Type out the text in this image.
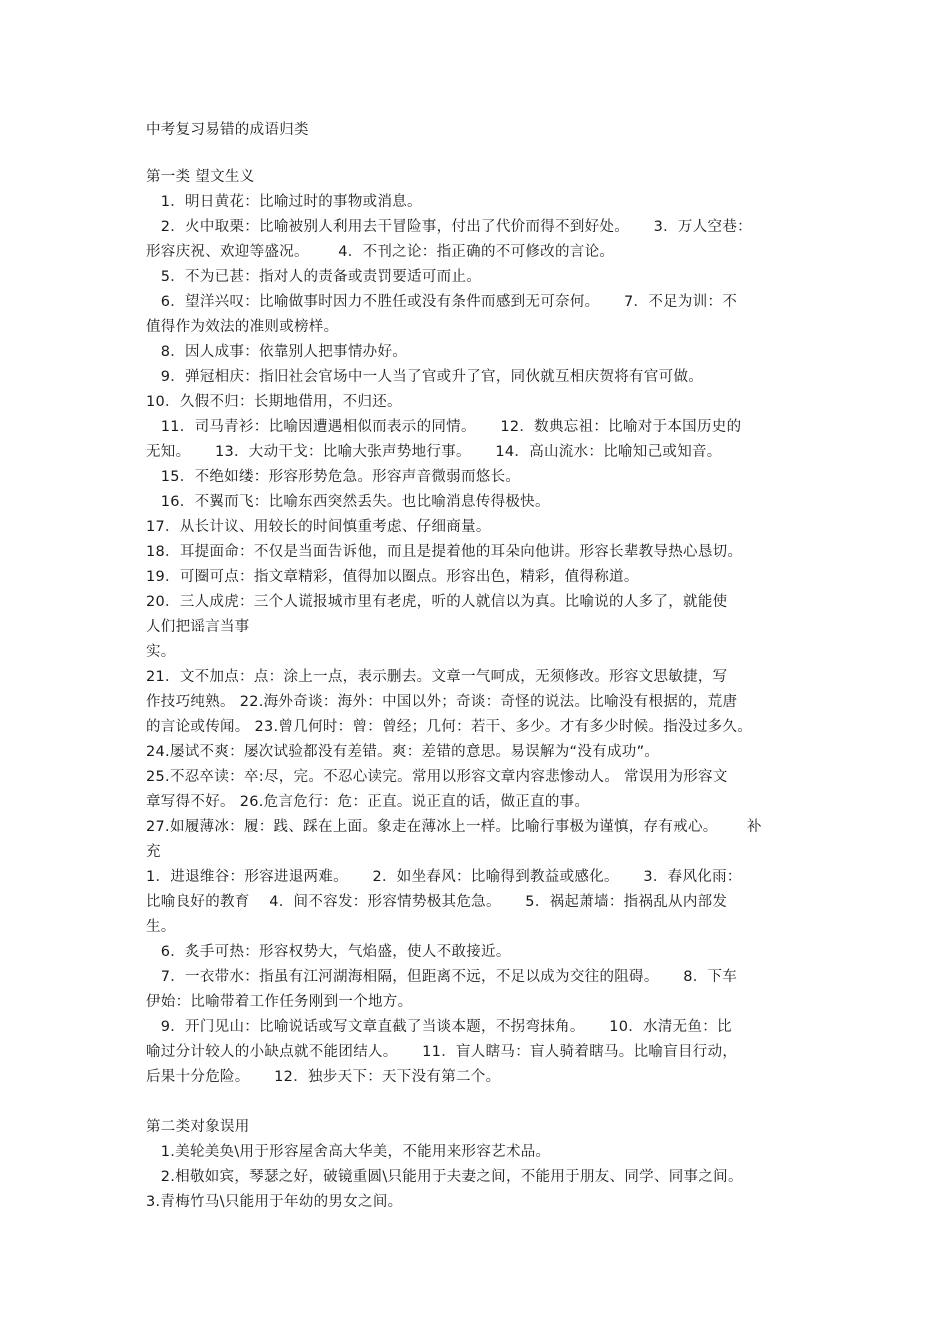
中考复习易错的成语归类
第一类 望文生义
1．明日黄花：比喻过时的事物或消息。
2．火中取栗：比喻被别人利用去干冒险事，付出了代价而得不到好处。     3．万人空巷：
形容庆祝、欢迎等盛况。      4．不刊之论：指正确的不可修改的言论。
5．不为已甚：指对人的责备或责罚要适可而止。
6．望洋兴叹：比喻做事时因力不胜任或没有条件而感到无可奈何。     7．不足为训：不
值得作为效法的准则或榜样。
8．因人成事：依靠别人把事情办好。
9．弹冠相庆：指旧社会官场中一人当了官或升了官，同伙就互相庆贺将有官可做。
10．久假不归：长期地借用，不归还。
11．司马青衫：比喻因遭遇相似而表示的同情。     12．数典忘祖：比喻对于本国历史的
无知。     13．大动干戈：比喻大张声势地行事。     14．高山流水：比喻知己或知音。
15．不绝如缕：形容形势危急。形容声音微弱而悠长。
16．不翼而飞：比喻东西突然丢失。也比喻消息传得极快。
17．从长计议、用较长的时间慎重考虑、仔细商量。
18．耳提面命：不仅是当面告诉他，而且是提着他的耳朵向他讲。形容长辈教导热心恳切。
19．可圈可点：指文章精彩，值得加以圈点。形容出色，精彩，值得称道。
20．三人成虎：三个人谎报城市里有老虎，听的人就信以为真。比喻说的人多了，就能使
人们把谣言当事
实。
21．文不加点：点：涂上一点，表示删去。文章一气呵成，无须修改。形容文思敏捷，写
作技巧纯熟。 22.海外奇谈：海外：中国以外；奇谈：奇怪的说法。比喻没有根据的，荒唐
的言论或传闻。 23.曾几何时：曾：曾经；几何：若干、多少。才有多少时候。指没过多久。
24.屡试不爽：屡次试验都没有差错。爽：差错的意思。易误解为“没有成功”。
25.不忍卒读：卒:尽，完。不忍心读完。常用以形容文章内容悲惨动人。 常误用为形容文
章写得不好。 26.危言危行：危：正直。说正直的话，做正直的事。
27.如履薄冰：履：践、踩在上面。象走在薄冰上一样。比喻行事极为谨慎，存有戒心。      补
充
1．进退维谷：形容进退两难。     2．如坐春风：比喻得到教益或感化。     3．春风化雨：
比喻良好的教育    4．间不容发：形容情势极其危急。     5．祸起萧墙：指祸乱从内部发
生。
6．炙手可热：形容权势大，气焰盛，使人不敢接近。
7．一衣带水：指虽有江河湖海相隔，但距离不远，不足以成为交往的阻碍。     8．下车
伊始：比喻带着工作任务刚到一个地方。
9．开门见山：比喻说话或写文章直截了当谈本题，不拐弯抹角。     10．水清无鱼：比
喻过分计较人的小缺点就不能团结人。     11．盲人瞎马：盲人骑着瞎马。比喻盲目行动，
后果十分危险。     12．独步天下：天下没有第二个。
第二类对象误用
1.美轮美奂\用于形容屋舍高大华美，不能用来形容艺术品。
2.相敬如宾，琴瑟之好，破镜重圆\只能用于夫妻之间，不能用于朋友、同学、同事之间。
3.青梅竹马\只能用于年幼的男女之间。
